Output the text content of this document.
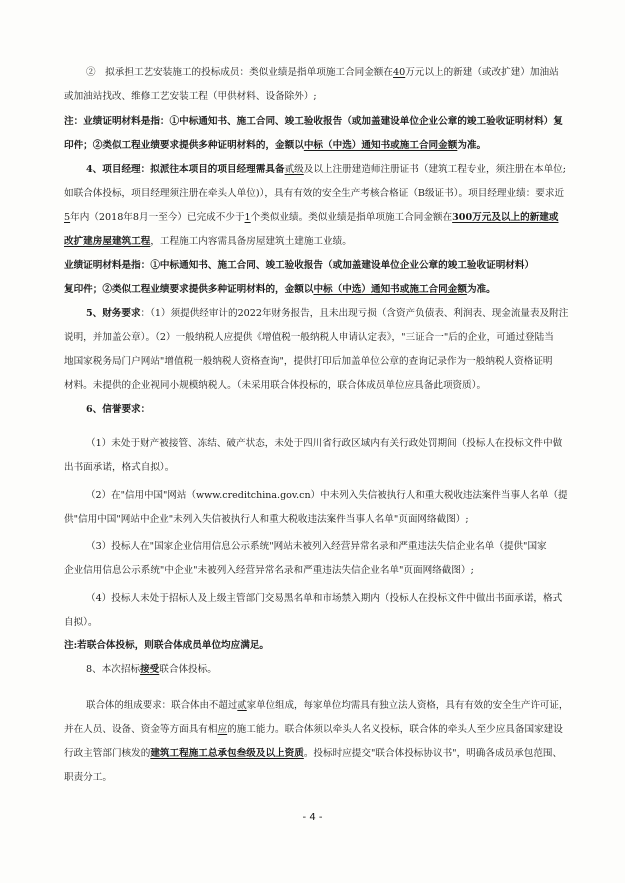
②　拟承担工艺安装施工的投标成员：类似业绩是指单项施工合同金额在40万元以上的新建（或改扩建）加油站
或加油站找改、维修工艺安装工程（甲供材料、设备除外）;
注：业绩证明材料是指：①中标通知书、施工合同、竣工验收报告（或加盖建设单位企业公章的竣工验收证明材料）复
印件；②类似工程业绩要求提供多种证明材料的，金额以中标（中选）通知书或施工合同金额为准。
4、项目经理：拟派往本项目的项目经理需具备贰级及以上注册建造师注册证书（建筑工程专业，须注册在本单位;
如联合体投标，项目经理须注册在牵头人单位)），具有有效的安全生产考核合格证（B级证书）。项目经理业绩：要求近
5年内（2018年8月一至今）已完成不少于1个类似业绩。类似业绩是指单项施工合同金额在300万元及以上的新建或
改扩建房屋建筑工程，工程施工内容需具备房屋建筑土建施工业绩。
业绩证明材料是指：①中标通知书、施工合同、竣工验收报告（或加盖建设单位企业公章的竣工验收证明材料）
复印件；②类似工程业绩要求提供多种证明材料的，金额以中标（中选）通知书或施工合同金额为准。
5、财务要求：（1）须提供经审计的2022年财务报告，且未出现亏损（含资产负债表、利润表、现金流量表及附注
说明，并加盖公章）。（2）一般纳税人应提供《增值税一般纳税人申请认定表》，"三证合一"后的企业，可通过登陆当
地国家税务局门户网站"增值税一般纳税人资格查询"，提供打印后加盖单位公章的查询记录作为一般纳税人资格证明
材料。未提供的企业视同小规模纳税人。（未采用联合体投标的，联合体成员单位应具备此项资质）。
6、信誉要求：
（1）未处于财产被接管、冻结、破产状态，未处于四川省行政区域内有关行政处罚期间（投标人在投标文件中做
出书面承诺，格式自拟）。
（2）在"信用中国"网站（www.creditchina.gov.cn）中未列入失信被执行人和重大税收违法案件当事人名单（提
供"信用中国"网站中企业"未列入失信被执行人和重大税收违法案件当事人名单"页面网络截图）;
（3）投标人在"国家企业信用信息公示系统"网站未被列入经营异常名录和严重违法失信企业名单（提供"国家
企业信用信息公示系统"中企业"未被列入经营异常名录和严重违法失信企业名单"页面网络截图）;
（4）投标人未处于招标人及上级主管部门交易黑名单和市场禁入期内（投标人在投标文件中做出书面承诺，格式
自拟）。
注:若联合体投标，则联合体成员单位均应满足。
8、本次招标接受联合体投标。
联合体的组成要求：联合体由不超过贰家单位组成，每家单位均需具有独立法人资格，具有有效的安全生产许可证，
并在人员、设备、资金等方面具有相应的施工能力。联合体须以牵头人名义投标，联合体的牵头人至少应具备国家建设
行政主管部门核发的建筑工程施工总承包叁级及以上资质。投标时应提交"联合体投标协议书"，明确各成员承包范围、
职责分工。
- 4 -
